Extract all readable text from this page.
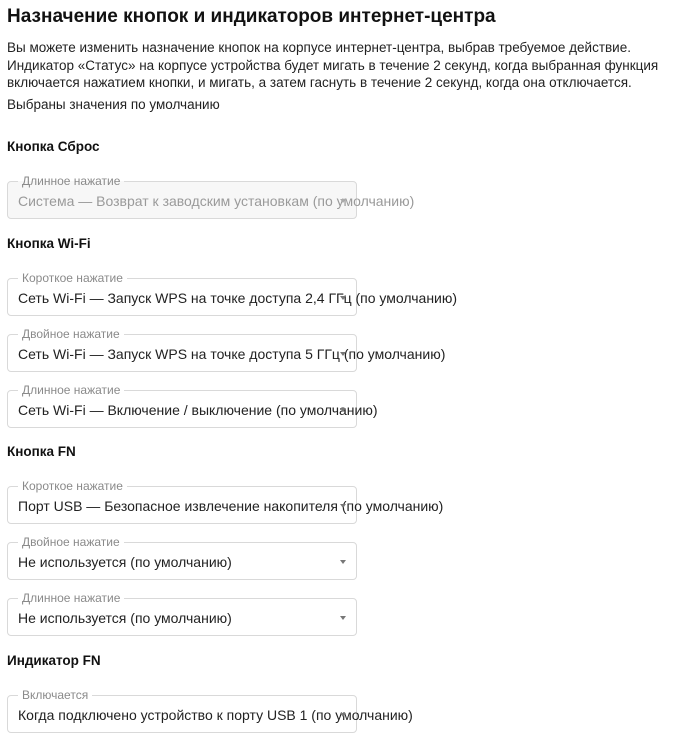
Назначение кнопок и индикаторов интернет-центра
Вы можете изменить назначение кнопок на корпусе интернет-центра, выбрав требуемое действие. Индикатор «Статус» на корпусе устройства будет мигать в течение 2 секунд, когда выбранная функция включается нажатием кнопки, и мигать, а затем гаснуть в течение 2 секунд, когда она отключается.
Выбраны значения по умолчанию
Кнопка Сброс
Длинное нажатие
Система — Возврат к заводским установкам (по умолчанию)
Кнопка Wi-Fi
Короткое нажатие
Сеть Wi-Fi — Запуск WPS на точке доступа 2,4 ГГц (по умолчанию)
Двойное нажатие
Сеть Wi-Fi — Запуск WPS на точке доступа 5 ГГц (по умолчанию)
Длинное нажатие
Сеть Wi-Fi — Включение / выключение (по умолчанию)
Кнопка FN
Короткое нажатие
Порт USB — Безопасное извлечение накопителя (по умолчанию)
Двойное нажатие
Не используется (по умолчанию)
Длинное нажатие
Не используется (по умолчанию)
Индикатор FN
Включается
Когда подключено устройство к порту USB 1 (по умолчанию)
